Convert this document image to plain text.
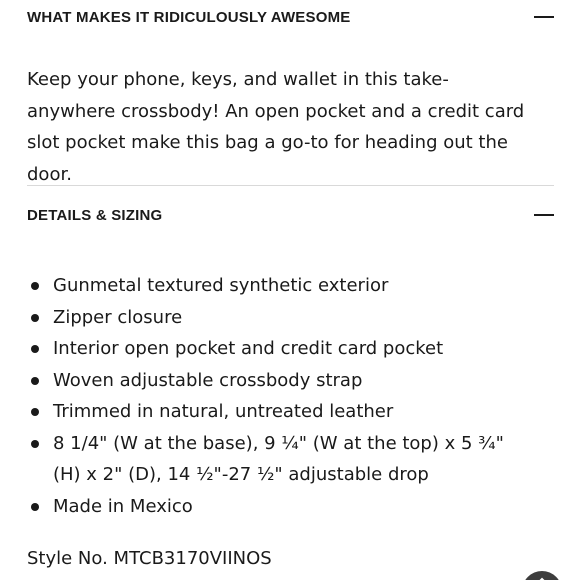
WHAT MAKES IT RIDICULOUSLY AWESOME
Keep your phone, keys, and wallet in this take-anywhere crossbody! An open pocket and a credit card slot pocket make this bag a go-to for heading out the door.
DETAILS & SIZING
Gunmetal textured synthetic exterior
Zipper closure
Interior open pocket and credit card pocket
Woven adjustable crossbody strap
Trimmed in natural, untreated leather
8 1/4" (W at the base), 9 ¼" (W at the top) x 5 ¾" (H) x 2" (D), 14 ½"-27 ½" adjustable drop
Made in Mexico
Style No. MTCB3170VIINOS
